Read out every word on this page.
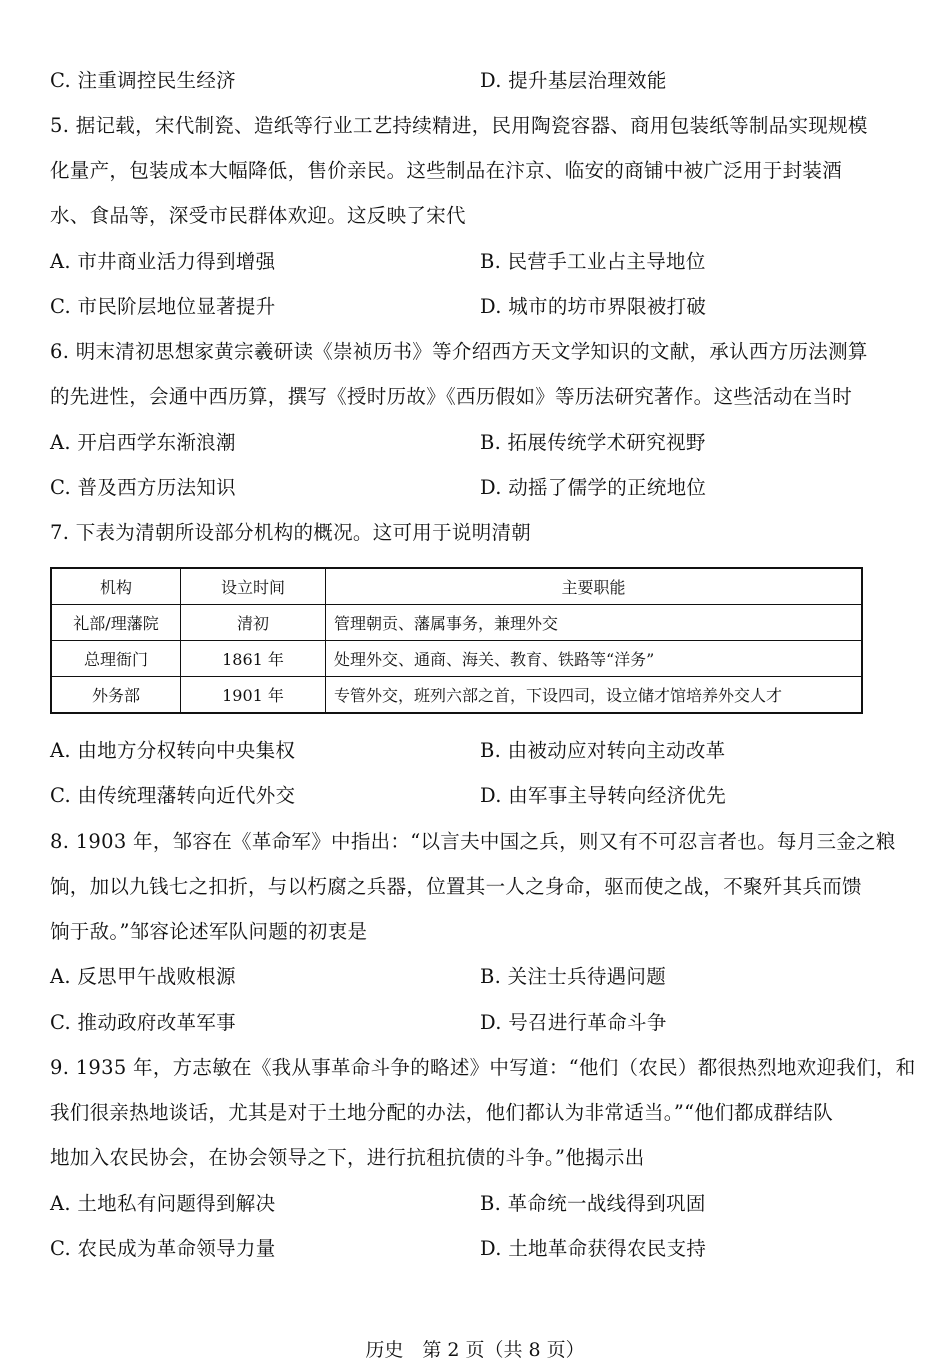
C. 注重调控民生经济	D. 提升基层治理效能
5. 据记载，宋代制瓷、造纸等行业工艺持续精进，民用陶瓷容器、商用包装纸等制品实现规模
化量产，包装成本大幅降低，售价亲民。这些制品在汴京、临安的商铺中被广泛用于封装酒
水、食品等，深受市民群体欢迎。这反映了宋代
A. 市井商业活力得到增强	B. 民营手工业占主导地位
C. 市民阶层地位显著提升	D. 城市的坊市界限被打破
6. 明末清初思想家黄宗羲研读《崇祯历书》等介绍西方天文学知识的文献，承认西方历法测算
的先进性，会通中西历算，撰写《授时历故》《西历假如》等历法研究著作。这些活动在当时
A. 开启西学东渐浪潮	B. 拓展传统学术研究视野
C. 普及西方历法知识	D. 动摇了儒学的正统地位
7. 下表为清朝所设部分机构的概况。这可用于说明清朝
机构	设立时间	主要职能
礼部/理藩院	清初	管理朝贡、藩属事务，兼理外交
总理衙门	1861 年	处理外交、通商、海关、教育、铁路等“洋务”
外务部	1901 年	专管外交，班列六部之首，下设四司，设立储才馆培养外交人才
A. 由地方分权转向中央集权	B. 由被动应对转向主动改革
C. 由传统理藩转向近代外交	D. 由军事主导转向经济优先
8. 1903 年，邹容在《革命军》中指出：“以言夫中国之兵，则又有不可忍言者也。每月三金之粮
饷，加以九钱七之扣折，与以朽腐之兵器，位置其一人之身命，驱而使之战，不聚歼其兵而馈
饷于敌。”邹容论述军队问题的初衷是
A. 反思甲午战败根源	B. 关注士兵待遇问题
C. 推动政府改革军事	D. 号召进行革命斗争
9. 1935 年，方志敏在《我从事革命斗争的略述》中写道：“他们（农民）都很热烈地欢迎我们，和
我们很亲热地谈话，尤其是对于土地分配的办法，他们都认为非常适当。”“他们都成群结队
地加入农民协会，在协会领导之下，进行抗租抗债的斗争。”他揭示出
A. 土地私有问题得到解决	B. 革命统一战线得到巩固
C. 农民成为革命领导力量	D. 土地革命获得农民支持
历史　第 2 页（共 8 页）
